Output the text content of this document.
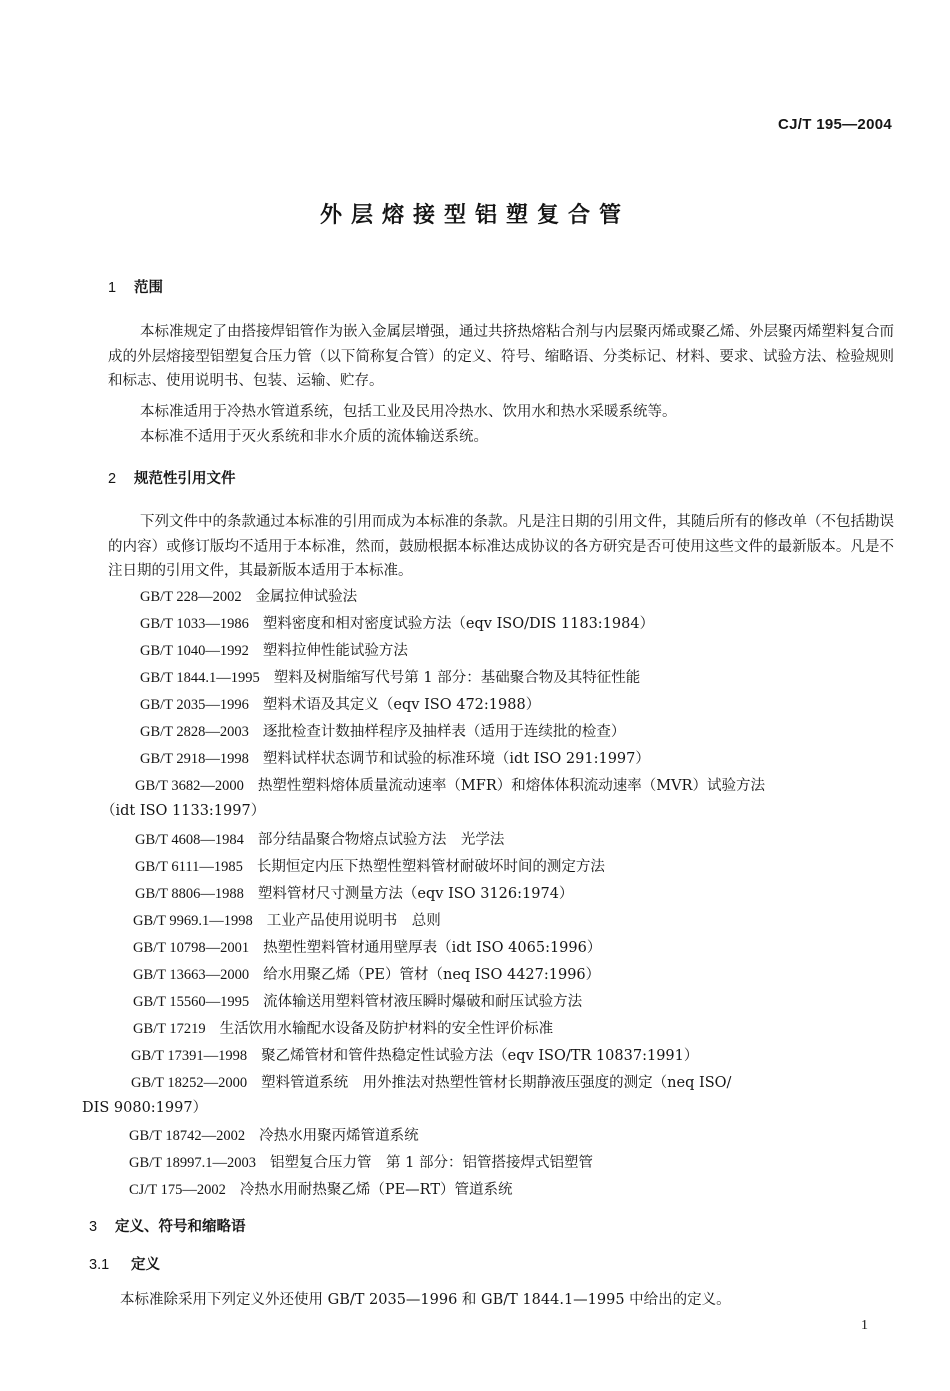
CJ/T 195—2004
外层熔接型铝塑复合管
1 范围

本标准规定了由搭接焊铝管作为嵌入金属层增强，通过共挤热熔粘合剂与内层聚丙烯或聚乙烯、外层聚丙烯塑料复合而成的外层熔接型铝塑复合压力管（以下简称复合管）的定义、符号、缩略语、分类标记、材料、要求、试验方法、检验规则和标志、使用说明书、包装、运输、贮存。

本标准适用于冷热水管道系统，包括工业及民用冷热水、饮用水和热水采暖系统等。

本标准不适用于灭火系统和非水介质的流体输送系统。

2 规范性引用文件

下列文件中的条款通过本标准的引用而成为本标准的条款。凡是注日期的引用文件，其随后所有的修改单（不包括勘误的内容）或修订版均不适用于本标准，然而，鼓励根据本标准达成协议的各方研究是否可使用这些文件的最新版本。凡是不注日期的引用文件，其最新版本适用于本标准。

GB/T 228—2002 金属拉伸试验法
GB/T 1033—1986 塑料密度和相对密度试验方法（eqv ISO/DIS 1183:1984）
GB/T 1040—1992 塑料拉伸性能试验方法
GB/T 1844.1—1995 塑料及树脂缩写代号第 1 部分：基础聚合物及其特征性能
GB/T 2035—1996 塑料术语及其定义（eqv ISO 472:1988）
GB/T 2828—2003 逐批检查计数抽样程序及抽样表（适用于连续批的检查）
GB/T 2918—1998 塑料试样状态调节和试验的标准环境（idt ISO 291:1997）
GB/T 3682—2000 热塑性塑料熔体质量流动速率（MFR）和熔体体积流动速率（MVR）试验方法
（idt ISO 1133:1997）
GB/T 4608—1984 部分结晶聚合物熔点试验方法　光学法
GB/T 6111—1985 长期恒定内压下热塑性塑料管材耐破坏时间的测定方法
GB/T 8806—1988 塑料管材尺寸测量方法（eqv ISO 3126:1974）
GB/T 9969.1—1998 工业产品使用说明书　总则
GB/T 10798—2001 热塑性塑料管材通用壁厚表（idt ISO 4065:1996）
GB/T 13663—2000 给水用聚乙烯（PE）管材（neq ISO 4427:1996）
GB/T 15560—1995 流体输送用塑料管材液压瞬时爆破和耐压试验方法
GB/T 17219 生活饮用水输配水设备及防护材料的安全性评价标准
GB/T 17391—1998 聚乙烯管材和管件热稳定性试验方法（eqv ISO/TR 10837:1991）
GB/T 18252—2000 塑料管道系统　用外推法对热塑性管材长期静液压强度的测定（neq ISO/
DIS 9080:1997）
GB/T 18742—2002 冷热水用聚丙烯管道系统
GB/T 18997.1—2003 铝塑复合压力管　第 1 部分：铝管搭接焊式铝塑管
CJ/T 175—2002 冷热水用耐热聚乙烯（PE—RT）管道系统
3 定义、符号和缩略语
3.1 定义
本标准除采用下列定义外还使用 GB/T 2035—1996 和 GB/T 1844.1—1995 中给出的定义。
1
